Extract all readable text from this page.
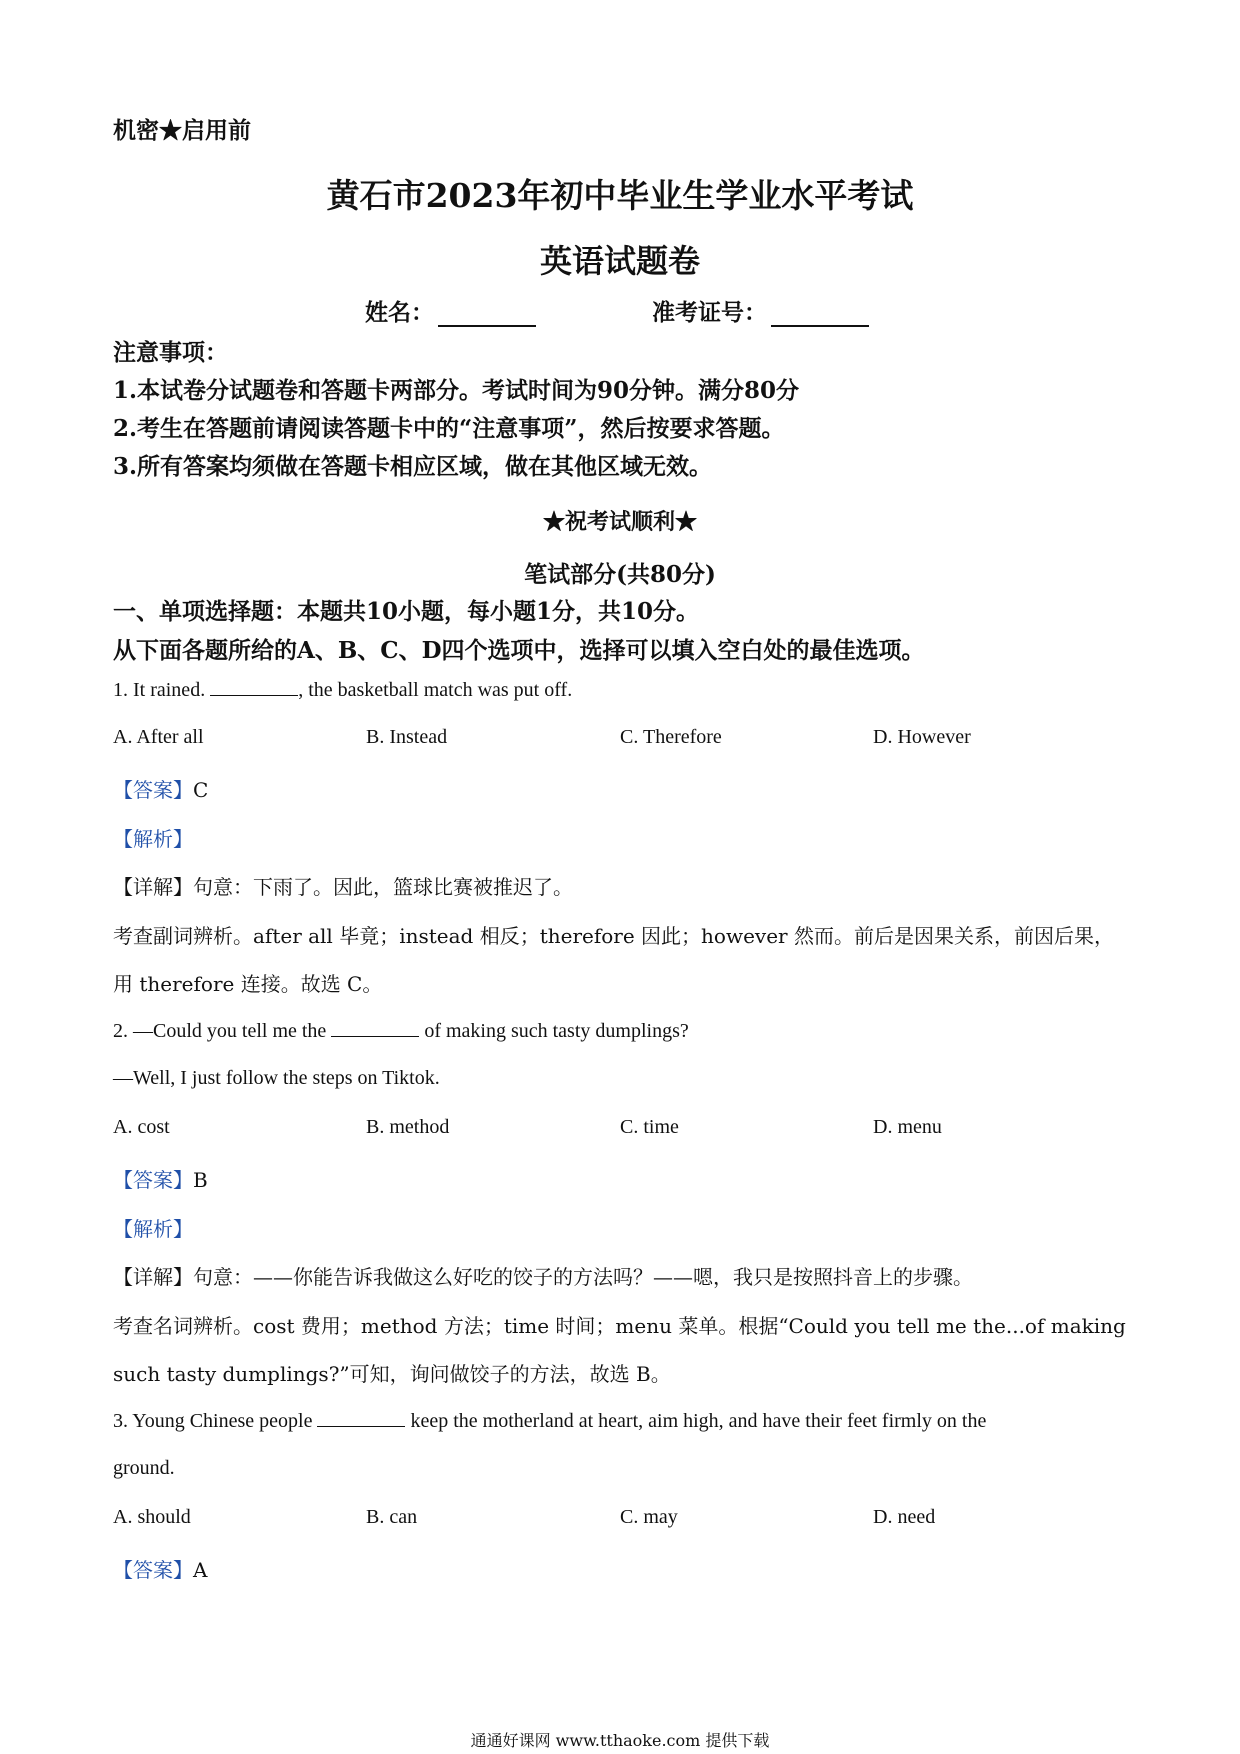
机密★启用前
黄石市2023年初中毕业生学业水平考试
英语试题卷
姓名：	准考证号：
注意事项：
1.本试卷分试题卷和答题卡两部分。考试时间为90分钟。满分80分
2.考生在答题前请阅读答题卡中的“注意事项”，然后按要求答题。
3.所有答案均须做在答题卡相应区域，做在其他区域无效。
★祝考试顺利★
笔试部分(共80分)
一、单项选择题：本题共10小题，每小题1分，共10分。
从下面各题所给的A、B、C、D四个选项中，选择可以填入空白处的最佳选项。
1. It rained.	, the basketball match was put off.
A. After all	B. Instead	C. Therefore	D. However
【答案】C
【解析】
【详解】句意：下雨了。因此，篮球比赛被推迟了。
考查副词辨析。after all 毕竟；instead 相反；therefore 因此；however 然而。前后是因果关系，前因后果，
用 therefore 连接。故选 C。
2. —Could you tell me the	of making such tasty dumplings?
—Well, I just follow the steps on Tiktok.
A. cost	B. method	C. time	D. menu
【答案】B
【解析】
【详解】句意：——你能告诉我做这么好吃的饺子的方法吗？——嗯，我只是按照抖音上的步骤。
考查名词辨析。cost 费用；method 方法；time 时间；menu 菜单。根据“Could you tell me the...of making
such tasty dumplings?”可知，询问做饺子的方法，故选 B。
3. Young Chinese people	keep the motherland at heart, aim high, and have their feet firmly on the
ground.
A. should	B. can	C. may	D. need
【答案】A
通通好课网 www.tthaoke.com 提供下载
